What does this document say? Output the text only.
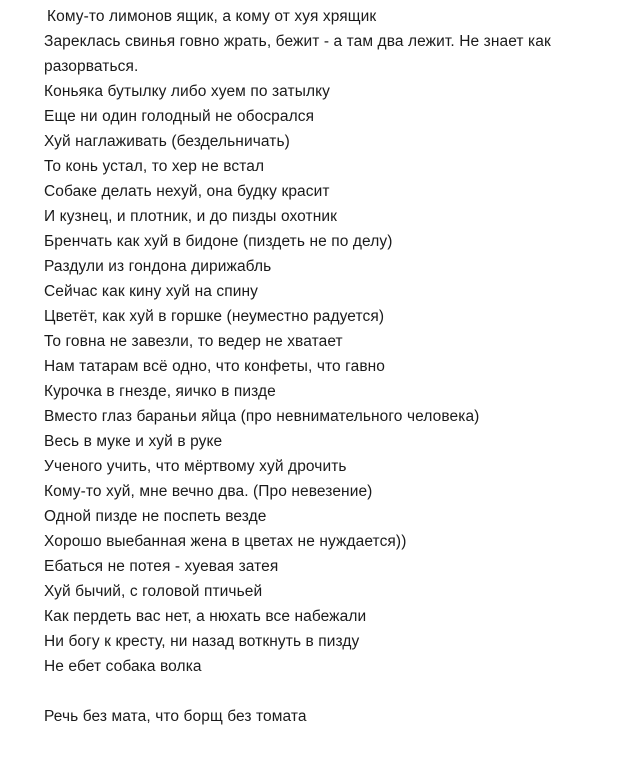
Кому-то лимонов ящик, а кому от хуя хрящик
Зареклась свинья говно жрать, бежит - а там два лежит. Не знает как разорваться.
Коньяка бутылку либо хуем по затылку
Еще ни один голодный не обосрался
Хуй наглаживать (бездельничать)
То конь устал, то хер не встал
Собаке делать нехуй, она будку красит
И кузнец, и плотник, и до пизды охотник
Бренчать как хуй в бидоне (пиздеть не по делу)
Раздули из гондона дирижабль
Сейчас как кину хуй на спину
Цветёт, как хуй в горшке (неуместно радуется)
То говна не завезли, то ведер не хватает
Нам татарам всё одно, что конфеты, что гавно
Курочка в гнезде, яичко в пизде
Вместо глаз бараньи яйца (про невнимательного человека)
Весь в муке и хуй в руке
Ученого учить, что мёртвому хуй дрочить
Кому-то хуй, мне вечно два. (Про невезение)
Одной пизде не поспеть везде
Хорошо выебанная жена в цветах не нуждается))
Ебаться не потея - хуевая затея
Хуй бычий, с головой птичьей
Как пердеть вас нет, а нюхать все набежали
Ни богу к кресту, ни назад воткнуть в пизду
Не ебет собака волка
Речь без мата, что борщ без томата
